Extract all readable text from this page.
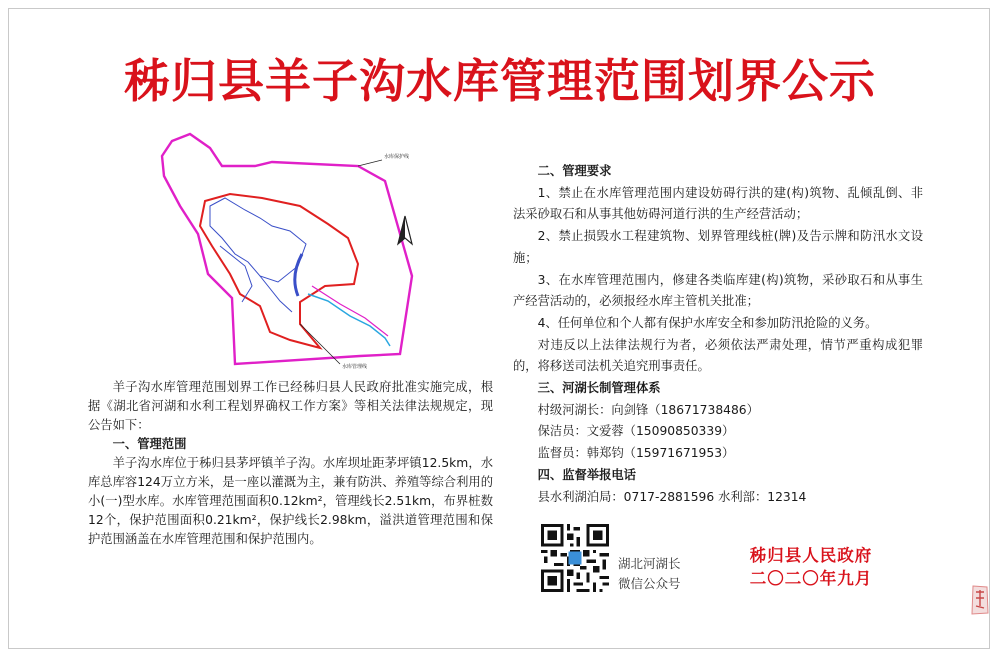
秭归县羊子沟水库管理范围划界公示
水库保护线
水库管理线

羊子沟水库管理范围划界工作已经秭归县人民政府批准实施完成，根据《湖北省河湖和水利工程划界确权工作方案》等相关法律法规规定，现公告如下：

一、管理范围

羊子沟水库位于秭归县茅坪镇羊子沟。水库坝址距茅坪镇12.5km，水库总库容124万立方米，是一座以灌溉为主，兼有防洪、养殖等综合利用的小(一)型水库。水库管理范围面积0.12km²，管理线长2.51km，布界桩数12个，保护范围面积0.21km²，保护线长2.98km，溢洪道管理范围和保护范围涵盖在水库管理范围和保护范围内。

二、管理要求

1、禁止在水库管理范围内建设妨碍行洪的建(构)筑物、乱倾乱倒、非法采砂取石和从事其他妨碍河道行洪的生产经营活动；

2、禁止损毁水工程建筑物、划界管理线桩(牌)及告示牌和防汛水文设施；

3、在水库管理范围内，修建各类临库建(构)筑物，采砂取石和从事生产经营活动的，必须报经水库主管机关批准；

4、任何单位和个人都有保护水库安全和参加防汛抢险的义务。

对违反以上法律法规行为者，必须依法严肃处理，情节严重构成犯罪的，将移送司法机关追究刑事责任。

三、河湖长制管理体系

村级河湖长：向剑锋（18671738486）

保洁员：文爱蓉（15090850339）

监督员：韩郑钧（15971671953）

四、监督举报电话

县水利湖泊局：0717-2881596 水利部：12314

湖北河湖长
微信公众号
秭归县人民政府
二〇二〇年九月
